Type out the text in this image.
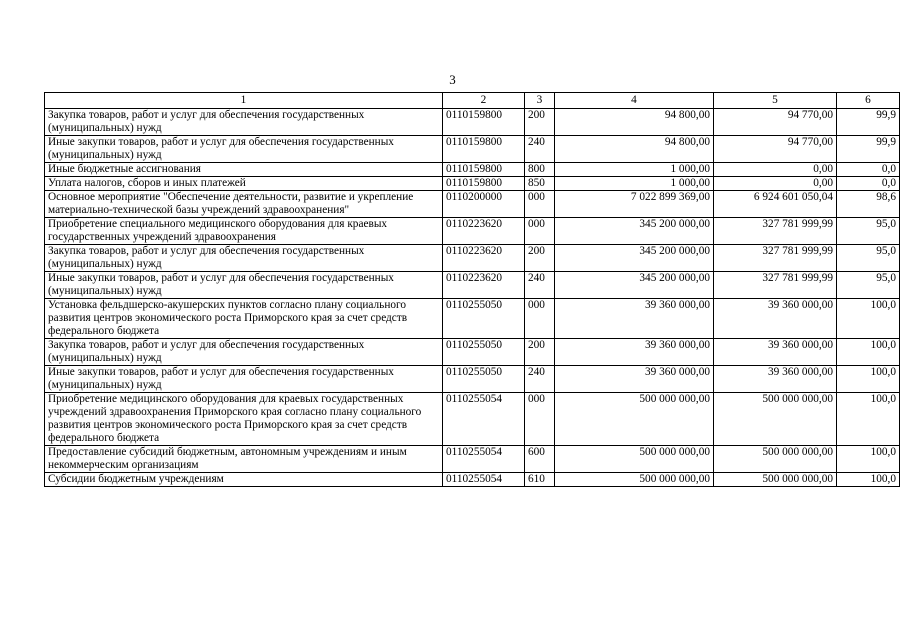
3
1	2	3	4	5	6
Закупка товаров, работ и услуг для обеспечения государственных (муниципальных) нужд	0110159800	200	94 800,00	94 770,00	99,9
Иные закупки товаров, работ и услуг для обеспечения государственных (муниципальных) нужд	0110159800	240	94 800,00	94 770,00	99,9
Иные бюджетные ассигнования	0110159800	800	1 000,00	0,00	0,0
Уплата налогов, сборов и иных платежей	0110159800	850	1 000,00	0,00	0,0
Основное мероприятие "Обеспечение деятельности, развитие и укрепление материально-технической базы учреждений здравоохранения"	0110200000	000	7 022 899 369,00	6 924 601 050,04	98,6
Приобретение специального медицинского оборудования для краевых государственных учреждений здравоохранения	0110223620	000	345 200 000,00	327 781 999,99	95,0
Закупка товаров, работ и услуг для обеспечения государственных (муниципальных) нужд	0110223620	200	345 200 000,00	327 781 999,99	95,0
Иные закупки товаров, работ и услуг для обеспечения государственных (муниципальных) нужд	0110223620	240	345 200 000,00	327 781 999,99	95,0
Установка фельдшерско-акушерских пунктов согласно плану социального развития центров экономического роста Приморского края за счет средств федерального бюджета	0110255050	000	39 360 000,00	39 360 000,00	100,0
Закупка товаров, работ и услуг для обеспечения государственных (муниципальных) нужд	0110255050	200	39 360 000,00	39 360 000,00	100,0
Иные закупки товаров, работ и услуг для обеспечения государственных (муниципальных) нужд	0110255050	240	39 360 000,00	39 360 000,00	100,0
Приобретение медицинского оборудования для краевых государственных учреждений здравоохранения Приморского края согласно плану социального развития центров экономического роста Приморского края за счет средств федерального бюджета	0110255054	000	500 000 000,00	500 000 000,00	100,0
Предоставление субсидий бюджетным, автономным учреждениям и иным некоммерческим организациям	0110255054	600	500 000 000,00	500 000 000,00	100,0
Субсидии бюджетным учреждениям	0110255054	610	500 000 000,00	500 000 000,00	100,0
